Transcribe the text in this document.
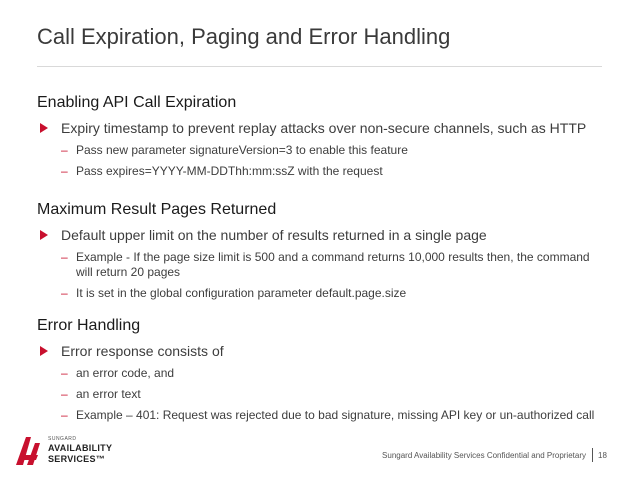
Call Expiration, Paging and Error Handling
Enabling API Call Expiration
Expiry timestamp to prevent replay attacks over non-secure channels, such as HTTP
– Pass new parameter signatureVersion=3 to enable this feature
– Pass expires=YYYY-MM-DDThh:mm:ssZ with the request
Maximum Result Pages Returned
Default upper limit on the number of results returned in a single page
– Example - If the page size limit is 500 and a command returns 10,000 results then, the command will return 20 pages
– It is set in the global configuration parameter default.page.size
Error Handling
Error response consists of
– an error code, and
– an error text
– Example – 401: Request was rejected due to bad signature, missing API key or un-authorized call
SUNGARD
AVAILABILITY
SERVICES™	Sungard Availability Services Confidential and Proprietary 18
